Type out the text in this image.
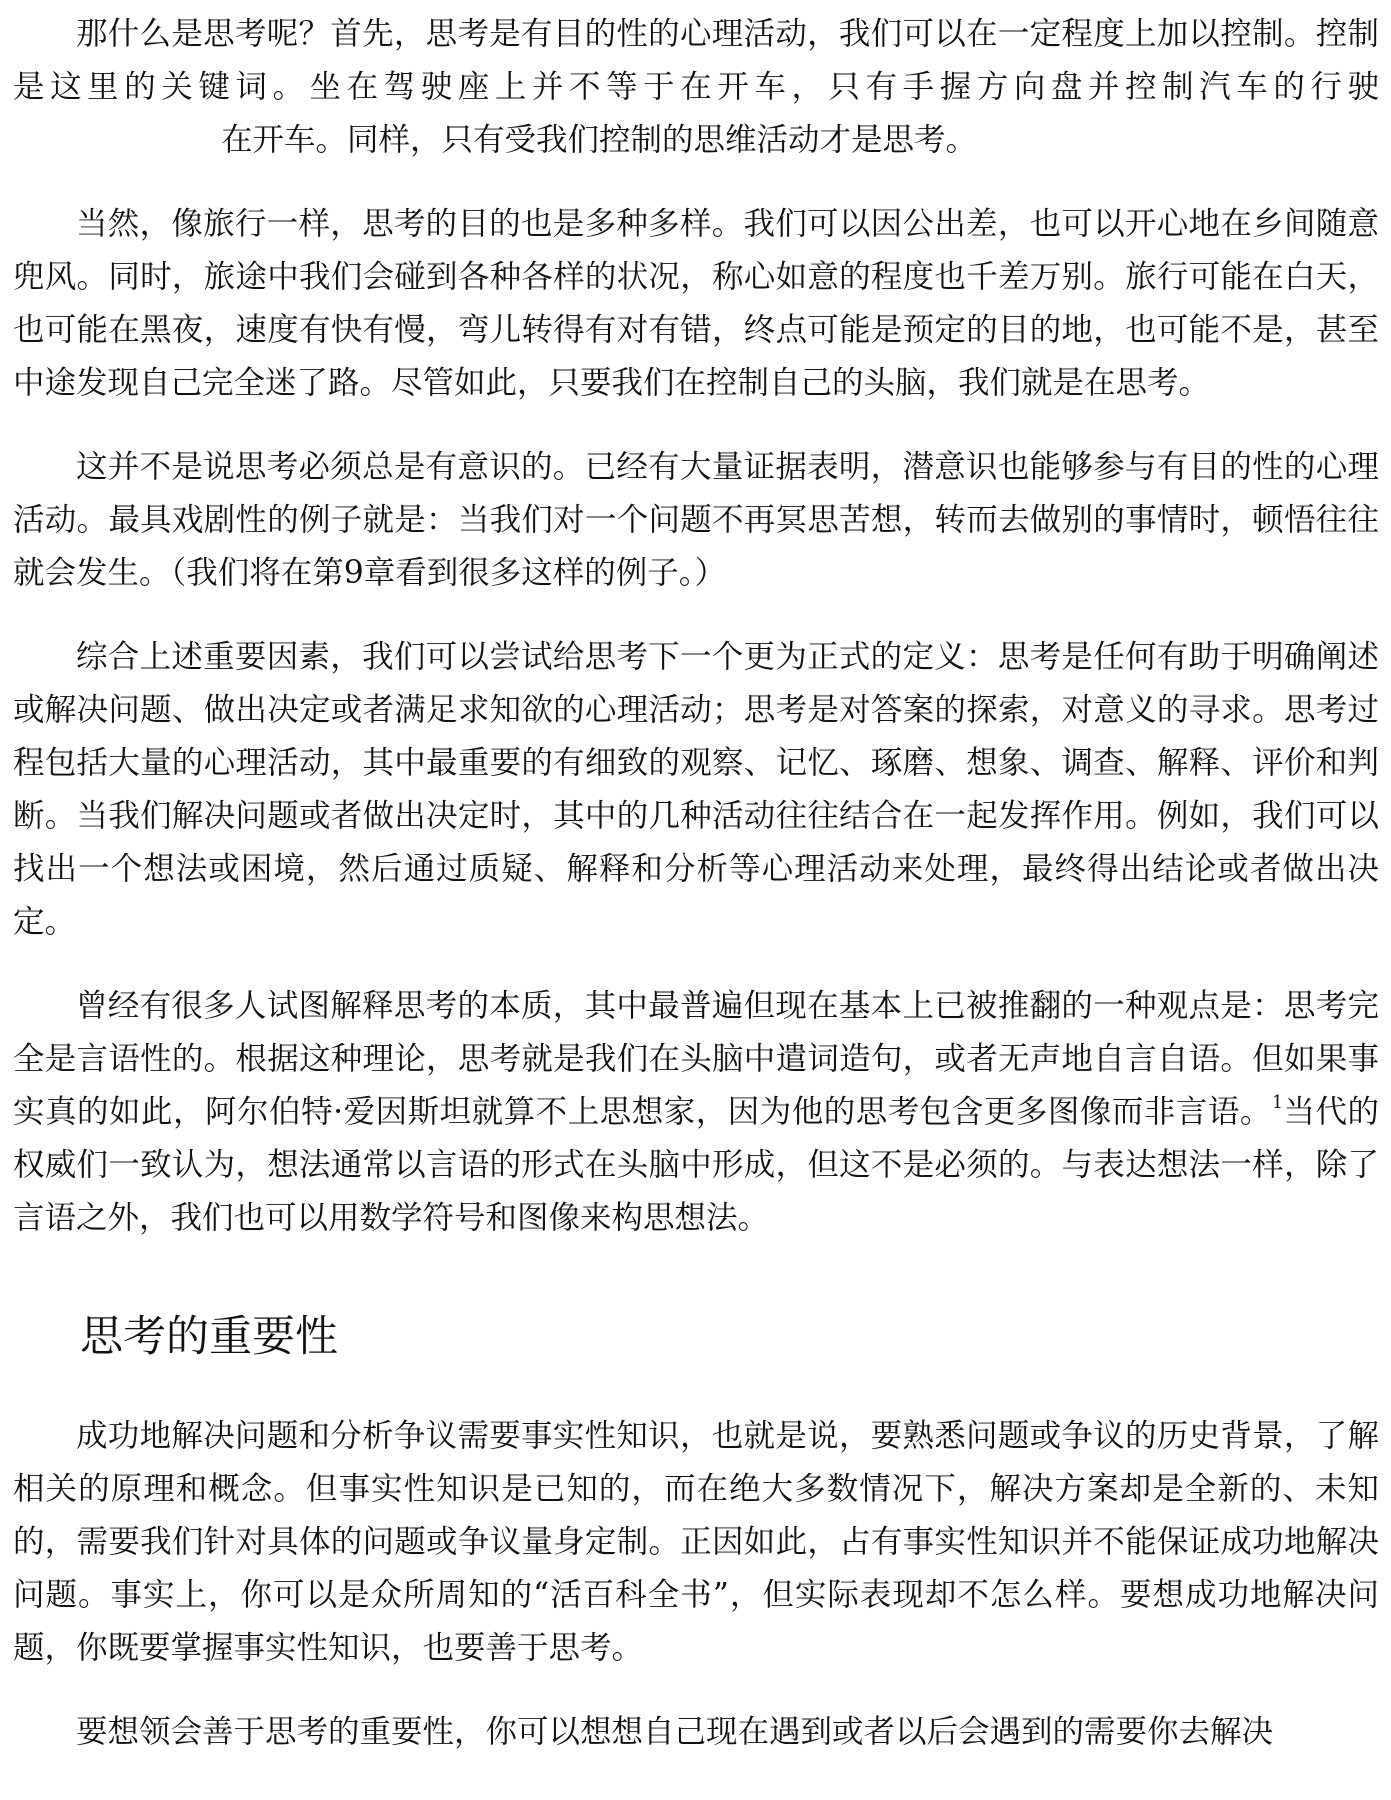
那什么是思考呢？首先，思考是有目的性的心理活动，我们可以在一定程度上加以控制。控制是这里的关键词。坐在驾驶座上并不等于在开车，只有手握方向盘并控制汽车的行驶在开车。同样，只有受我们控制的思维活动才是思考。

当然，像旅行一样，思考的目的也是多种多样。我们可以因公出差，也可以开心地在乡间随意兜风。同时，旅途中我们会碰到各种各样的状况，称心如意的程度也千差万别。旅行可能在白天，也可能在黑夜，速度有快有慢，弯儿转得有对有错，终点可能是预定的目的地，也可能不是，甚至中途发现自己完全迷了路。尽管如此，只要我们在控制自己的头脑，我们就是在思考。

这并不是说思考必须总是有意识的。已经有大量证据表明，潜意识也能够参与有目的性的心理活动。最具戏剧性的例子就是：当我们对一个问题不再冥思苦想，转而去做别的事情时，顿悟往往就会发生。（我们将在第9章看到很多这样的例子。）

综合上述重要因素，我们可以尝试给思考下一个更为正式的定义：思考是任何有助于明确阐述或解决问题、做出决定或者满足求知欲的心理活动；思考是对答案的探索，对意义的寻求。思考过程包括大量的心理活动，其中最重要的有细致的观察、记忆、琢磨、想象、调查、解释、评价和判断。当我们解决问题或者做出决定时，其中的几种活动往往结合在一起发挥作用。例如，我们可以找出一个想法或困境，然后通过质疑、解释和分析等心理活动来处理，最终得出结论或者做出决定。

曾经有很多人试图解释思考的本质，其中最普遍但现在基本上已被推翻的一种观点是：思考完全是言语性的。根据这种理论，思考就是我们在头脑中遣词造句，或者无声地自言自语。但如果事实真的如此，阿尔伯特·爱因斯坦就算不上思想家，因为他的思考包含更多图像而非言语。$^1$当代的权威们一致认为，想法通常以言语的形式在头脑中形成，但这不是必须的。与表达想法一样，除了言语之外，我们也可以用数学符号和图像来构思想法。

思考的重要性

成功地解决问题和分析争议需要事实性知识，也就是说，要熟悉问题或争议的历史背景，了解相关的原理和概念。但事实性知识是已知的，而在绝大多数情况下，解决方案却是全新的、未知的，需要我们针对具体的问题或争议量身定制。正因如此，占有事实性知识并不能保证成功地解决问题。事实上，你可以是众所周知的“活百科全书”，但实际表现却不怎么样。要想成功地解决问题，你既要掌握事实性知识，也要善于思考。

要想领会善于思考的重要性，你可以想想自己现在遇到或者以后会遇到的需要你去解决
